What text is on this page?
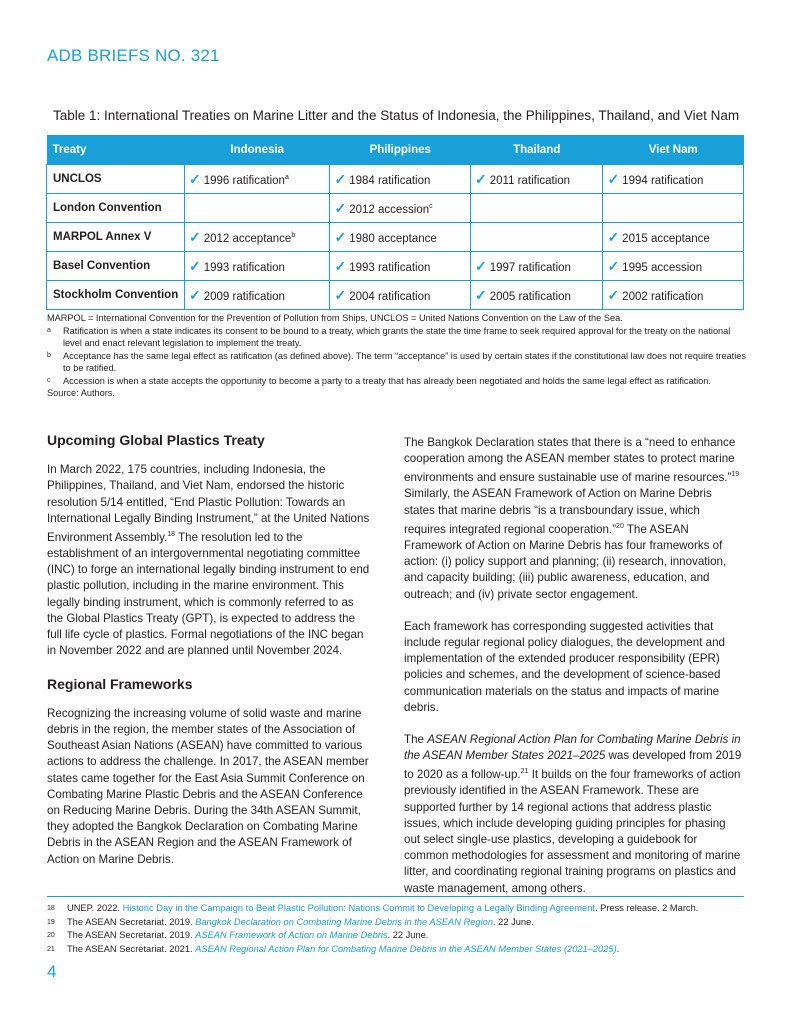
ADB BRIEFS NO. 321
Table 1: International Treaties on Marine Litter and the Status of Indonesia, the Philippines, Thailand, and Viet Nam
Treaty	Indonesia	Philippines	Thailand	Viet Nam
UNCLOS	✓ 1996 ratification$^a$	✓ 1984 ratification	✓ 2011 ratification	✓ 1994 ratification
London Convention		✓ 2012 accession$^c$		
MARPOL Annex V	✓ 2012 acceptance$^b$	✓ 1980 acceptance		✓ 2015 acceptance
Basel Convention	✓ 1993 ratification	✓ 1993 ratification	✓ 1997 ratification	✓ 1995 accession
Stockholm Convention	✓ 2009 ratification	✓ 2004 ratification	✓ 2005 ratification	✓ 2002 ratification
MARPOL = International Convention for the Prevention of Pollution from Ships, UNCLOS = United Nations Convention on the Law of the Sea.
a	Ratification is when a state indicates its consent to be bound to a treaty, which grants the state the time frame to seek required approval for the treaty on the national level and enact relevant legislation to implement the treaty.
b	Acceptance has the same legal effect as ratification (as defined above). The term “acceptance” is used by certain states if the constitutional law does not require treaties to be ratified.
c	Accession is when a state accepts the opportunity to become a party to a treaty that has already been negotiated and holds the same legal effect as ratification.
Source: Authors.
Upcoming Global Plastics Treaty

In March 2022, 175 countries, including Indonesia, the Philippines, Thailand, and Viet Nam, endorsed the historic resolution 5/14 entitled, “End Plastic Pollution: Towards an International Legally Binding Instrument,” at the United Nations Environment Assembly.$^{18}$ The resolution led to the establishment of an intergovernmental negotiating committee (INC) to forge an international legally binding instrument to end plastic pollution, including in the marine environment. This legally binding instrument, which is commonly referred to as the Global Plastics Treaty (GPT), is expected to address the full life cycle of plastics. Formal negotiations of the INC began in November 2022 and are planned until November 2024.

Regional Frameworks

Recognizing the increasing volume of solid waste and marine debris in the region, the member states of the Association of Southeast Asian Nations (ASEAN) have committed to various actions to address the challenge. In 2017, the ASEAN member states came together for the East Asia Summit Conference on Combating Marine Plastic Debris and the ASEAN Conference on Reducing Marine Debris. During the 34th ASEAN Summit, they adopted the Bangkok Declaration on Combating Marine Debris in the ASEAN Region and the ASEAN Framework of Action on Marine Debris.

The Bangkok Declaration states that there is a “need to enhance cooperation among the ASEAN member states to protect marine environments and ensure sustainable use of marine resources.”$^{19}$ Similarly, the ASEAN Framework of Action on Marine Debris states that marine debris “is a transboundary issue, which requires integrated regional cooperation.”$^{20}$ The ASEAN Framework of Action on Marine Debris has four frameworks of action: (i) policy support and planning; (ii) research, innovation, and capacity building; (iii) public awareness, education, and outreach; and (iv) private sector engagement.

Each framework has corresponding suggested activities that include regular regional policy dialogues, the development and implementation of the extended producer responsibility (EPR) policies and schemes, and the development of science-based communication materials on the status and impacts of marine debris.

The ASEAN Regional Action Plan for Combating Marine Debris in the ASEAN Member States 2021–2025 was developed from 2019 to 2020 as a follow-up.$^{21}$ It builds on the four frameworks of action previously identified in the ASEAN Framework. These are supported further by 14 regional actions that address plastic issues, which include developing guiding principles for phasing out select single-use plastics, developing a guidebook for common methodologies for assessment and monitoring of marine litter, and coordinating regional training programs on plastics and waste management, among others.

18	UNEP. 2022. Historic Day in the Campaign to Beat Plastic Pollution: Nations Commit to Developing a Legally Binding Agreement. Press release. 2 March.
19	The ASEAN Secretariat. 2019. Bangkok Declaration on Combating Marine Debris in the ASEAN Region. 22 June.
20	The ASEAN Secretariat. 2019. ASEAN Framework of Action on Marine Debris. 22 June.
21	The ASEAN Secretariat. 2021. ASEAN Regional Action Plan for Combating Marine Debris in the ASEAN Member States (2021–2025).
4
